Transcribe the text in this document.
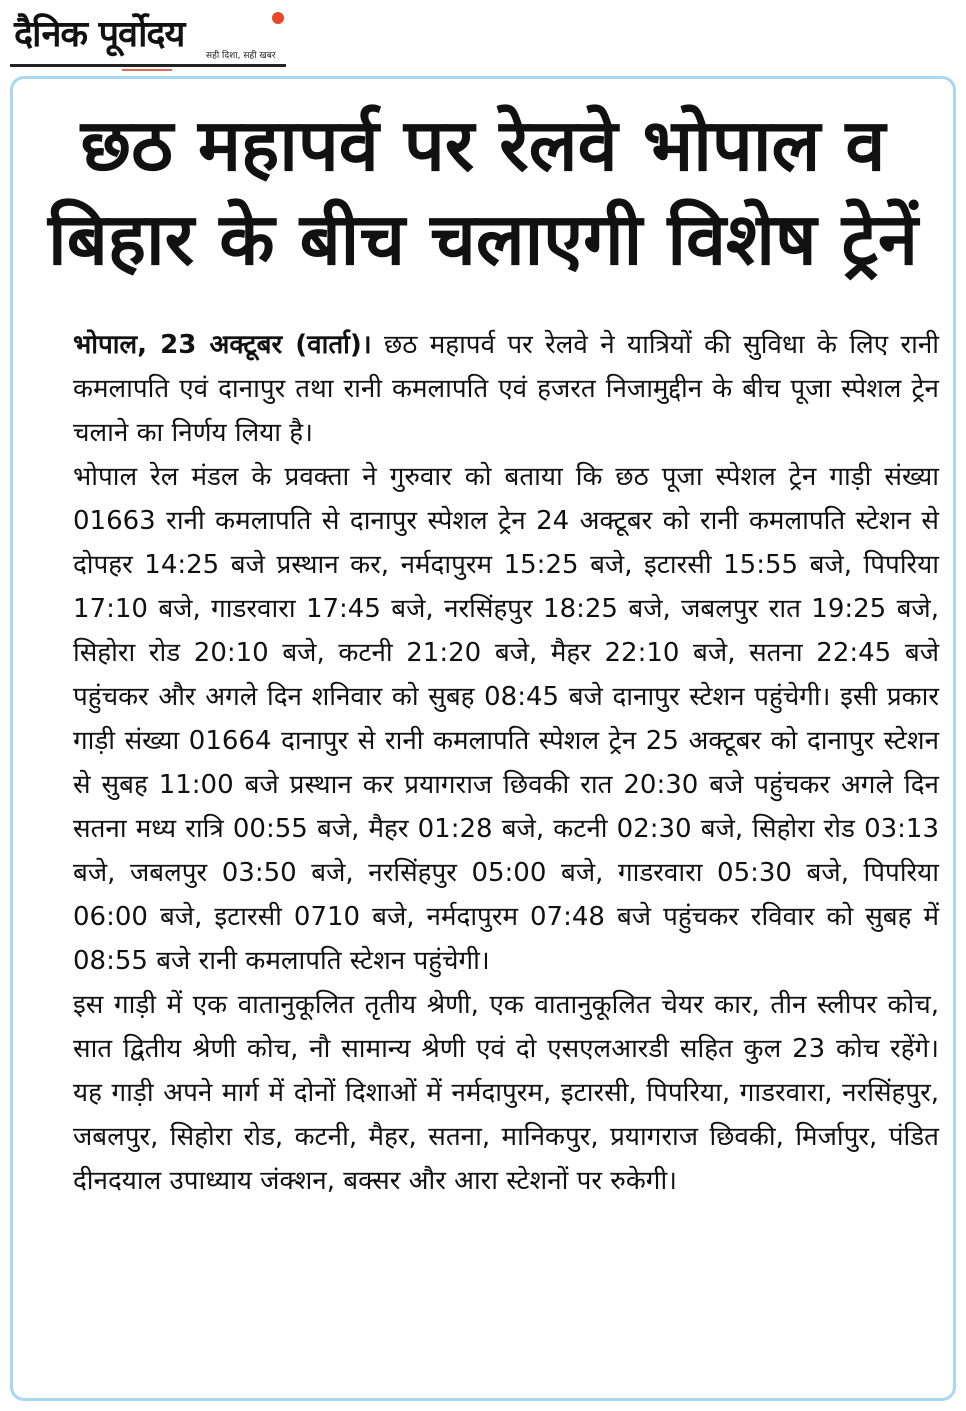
दैनिक पूर्वोदय
सही दिशा, सही खबर
छठ महापर्व पर रेलवे भोपाल व
बिहार के बीच चलाएगी विशेष ट्रेनें

भोपाल, 23 अक्टूबर (वार्ता)। छठ महापर्व पर रेलवे ने यात्रियों की सुविधा के लिए रानी कमलापति एवं दानापुर तथा रानी कमलापति एवं हजरत निजामुद्दीन के बीच पूजा स्पेशल ट्रेन चलाने का निर्णय लिया है।

भोपाल रेल मंडल के प्रवक्ता ने गुरुवार को बताया कि छठ पूजा स्पेशल ट्रेन गाड़ी संख्या 01663 रानी कमलापति से दानापुर स्पेशल ट्रेन 24 अक्टूबर को रानी कमलापति स्टेशन से दोपहर 14:25 बजे प्रस्थान कर, नर्मदापुरम 15:25 बजे, इटारसी 15:55 बजे, पिपरिया 17:10 बजे, गाडरवारा 17:45 बजे, नरसिंहपुर 18:25 बजे, जबलपुर रात 19:25 बजे, सिहोरा रोड 20:10 बजे, कटनी 21:20 बजे, मैहर 22:10 बजे, सतना 22:45 बजे पहुंचकर और अगले दिन शनिवार को सुबह 08:45 बजे दानापुर स्टेशन पहुंचेगी। इसी प्रकार गाड़ी संख्या 01664 दानापुर से रानी कमलापति स्पेशल ट्रेन 25 अक्टूबर को दानापुर स्टेशन से सुबह 11:00 बजे प्रस्थान कर प्रयागराज छिवकी रात 20:30 बजे पहुंचकर अगले दिन सतना मध्य रात्रि 00:55 बजे, मैहर 01:28 बजे, कटनी 02:30 बजे, सिहोरा रोड 03:13 बजे, जबलपुर 03:50 बजे, नरसिंहपुर 05:00 बजे, गाडरवारा 05:30 बजे, पिपरिया 06:00 बजे, इटारसी 0710 बजे, नर्मदापुरम 07:48 बजे पहुंचकर रविवार को सुबह में 08:55 बजे रानी कमलापति स्टेशन पहुंचेगी।

इस गाड़ी में एक वातानुकूलित तृतीय श्रेणी, एक वातानुकूलित चेयर कार, तीन स्लीपर कोच, सात द्वितीय श्रेणी कोच, नौ सामान्य श्रेणी एवं दो एसएलआरडी सहित कुल 23 कोच रहेंगे। यह गाड़ी अपने मार्ग में दोनों दिशाओं में नर्मदापुरम, इटारसी, पिपरिया, गाडरवारा, नरसिंहपुर, जबलपुर, सिहोरा रोड, कटनी, मैहर, सतना, मानिकपुर, प्रयागराज छिवकी, मिर्जापुर, पंडित दीनदयाल उपाध्याय जंक्शन, बक्सर और आरा स्टेशनों पर रुकेगी।
